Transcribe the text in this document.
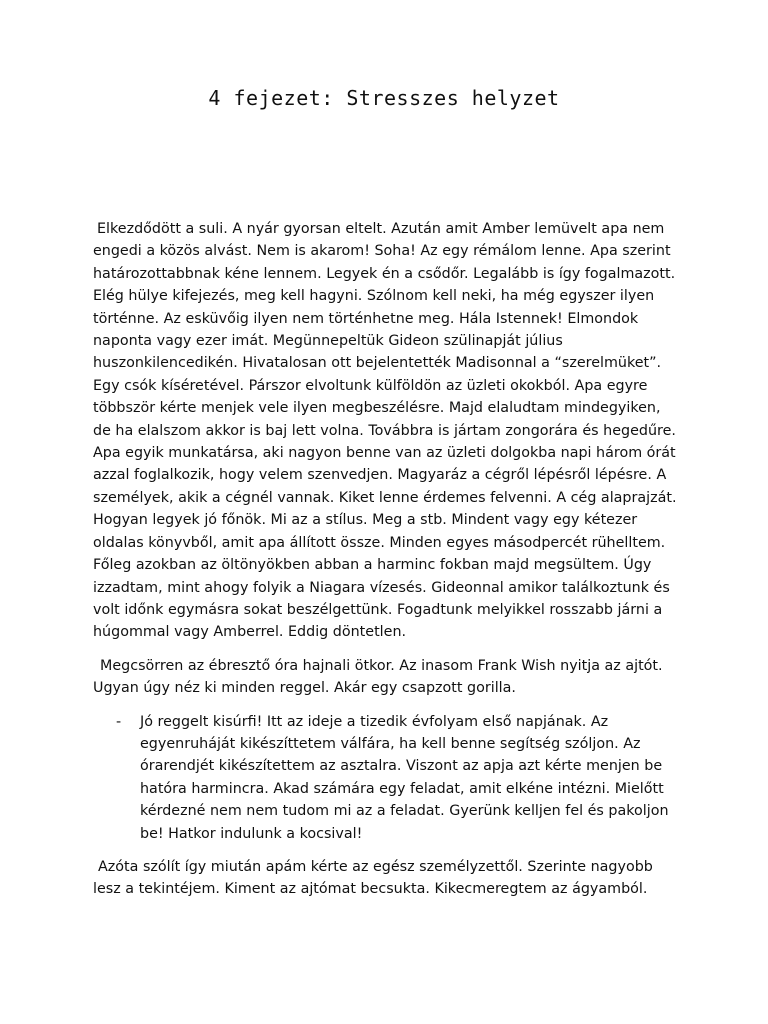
4 fejezet: Stresszes helyzet

Elkezdődött a suli. A nyár gyorsan eltelt. Azután amit Amber lemüvelt apa nem engedi a közös alvást. Nem is akarom! Soha! Az egy rémálom lenne. Apa szerint határozottabbnak kéne lennem. Legyek én a csődőr. Legalább is így fogalmazott. Elég hülye kifejezés, meg kell hagyni. Szólnom kell neki, ha még egyszer ilyen történne. Az esküvőig ilyen nem történhetne meg. Hála Istennek! Elmondok naponta vagy ezer imát. Megünnepeltük Gideon szülinapját július huszonkilencedikén. Hivatalosan ott bejelentették Madisonnal a “szerelmüket”. Egy csók kíséretével. Párszor elvoltunk külföldön az üzleti okokból. Apa egyre többször kérte menjek vele ilyen megbeszélésre. Majd elaludtam mindegyiken, de ha elalszom akkor is baj lett volna. Továbbra is jártam zongorára és hegedűre. Apa egyik munkatársa, aki nagyon benne van az üzleti dolgokba napi három órát azzal foglalkozik, hogy velem szenvedjen. Magyaráz a cégről lépésről lépésre. A személyek, akik a cégnél vannak. Kiket lenne érdemes felvenni. A cég alaprajzát. Hogyan legyek jó főnök. Mi az a stílus. Meg a stb. Mindent vagy egy kétezer oldalas könyvből, amit apa állított össze. Minden egyes másodpercét rühelltem. Főleg azokban az öltönyökben abban a harminc fokban majd megsültem. Úgy izzadtam, mint ahogy folyik a Niagara vízesés. Gideonnal amikor találkoztunk és volt időnk egymásra sokat beszélgettünk. Fogadtunk melyikkel rosszabb járni a húgommal vagy Amberrel. Eddig döntetlen.

Megcsörren az ébresztő óra hajnali ötkor. Az inasom Frank Wish nyitja az ajtót. Ugyan úgy néz ki minden reggel. Akár egy csapzott gorilla.

- Jó reggelt kisúrfi! Itt az ideje a tizedik évfolyam első napjának. Az egyenruháját kikészíttetem válfára, ha kell benne segítség szóljon. Az órarendjét kikészítettem az asztalra. Viszont az apja azt kérte menjen be hatóra harmincra. Akad számára egy feladat, amit elkéne intézni. Mielőtt kérdezné nem nem tudom mi az a feladat. Gyerünk kelljen fel és pakoljon be! Hatkor indulunk a kocsival!

Azóta szólít így miután apám kérte az egész személyzettől. Szerinte nagyobb lesz a tekintéjem. Kiment az ajtómat becsukta. Kikecmeregtem az ágyamból.
